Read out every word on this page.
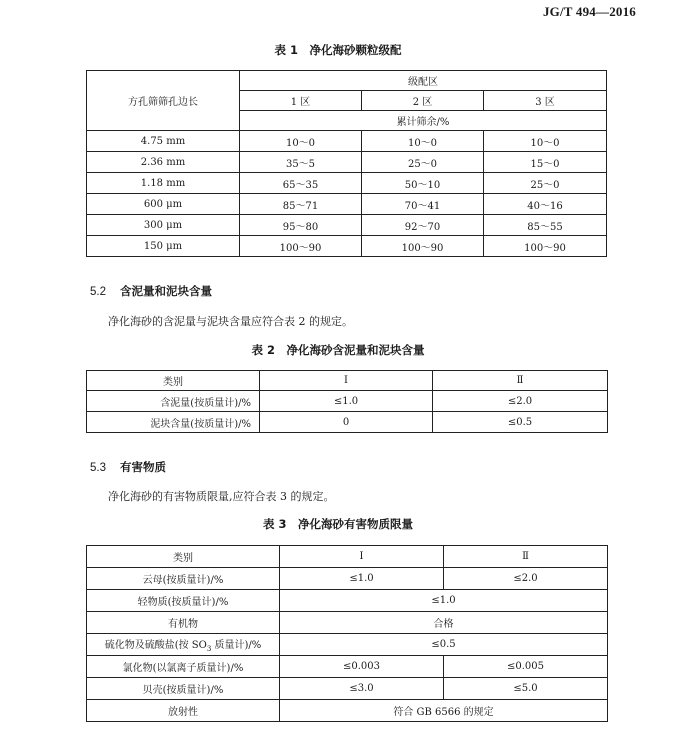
JG/T 494—2016
表 1　净化海砂颗粒级配
方孔筛筛孔边长	级配区		
	1 区	2 区	3 区
	累计筛余/%		
4.75 mm	10～0	10～0	10～0
2.36 mm	35～5	25～0	15～0
1.18 mm	65～35	50～10	25～0
600 μm	85～71	70～41	40～16
300 μm	95～80	92～70	85～55
150 μm	100～90	100～90	100～90
5.2 含泥量和泥块含量
净化海砂的含泥量与泥块含量应符合表 2 的规定。
表 2　净化海砂含泥量和泥块含量
类别	Ⅰ	Ⅱ
含泥量(按质量计)/%	≤1.0	≤2.0
泥块含量(按质量计)/%	0	≤0.5
5.3 有害物质
净化海砂的有害物质限量,应符合表 3 的规定。
表 3　净化海砂有害物质限量
类别	Ⅰ	Ⅱ
云母(按质量计)/%	≤1.0	≤2.0
轻物质(按质量计)/%	≤1.0	
有机物	合格	
硫化物及硫酸盐(按 $SO_3$ 质量计)/%	≤0.5	
氯化物(以氯离子质量计)/%	≤0.003	≤0.005
贝壳(按质量计)/%	≤3.0	≤5.0
放射性	符合 GB 6566 的规定	
